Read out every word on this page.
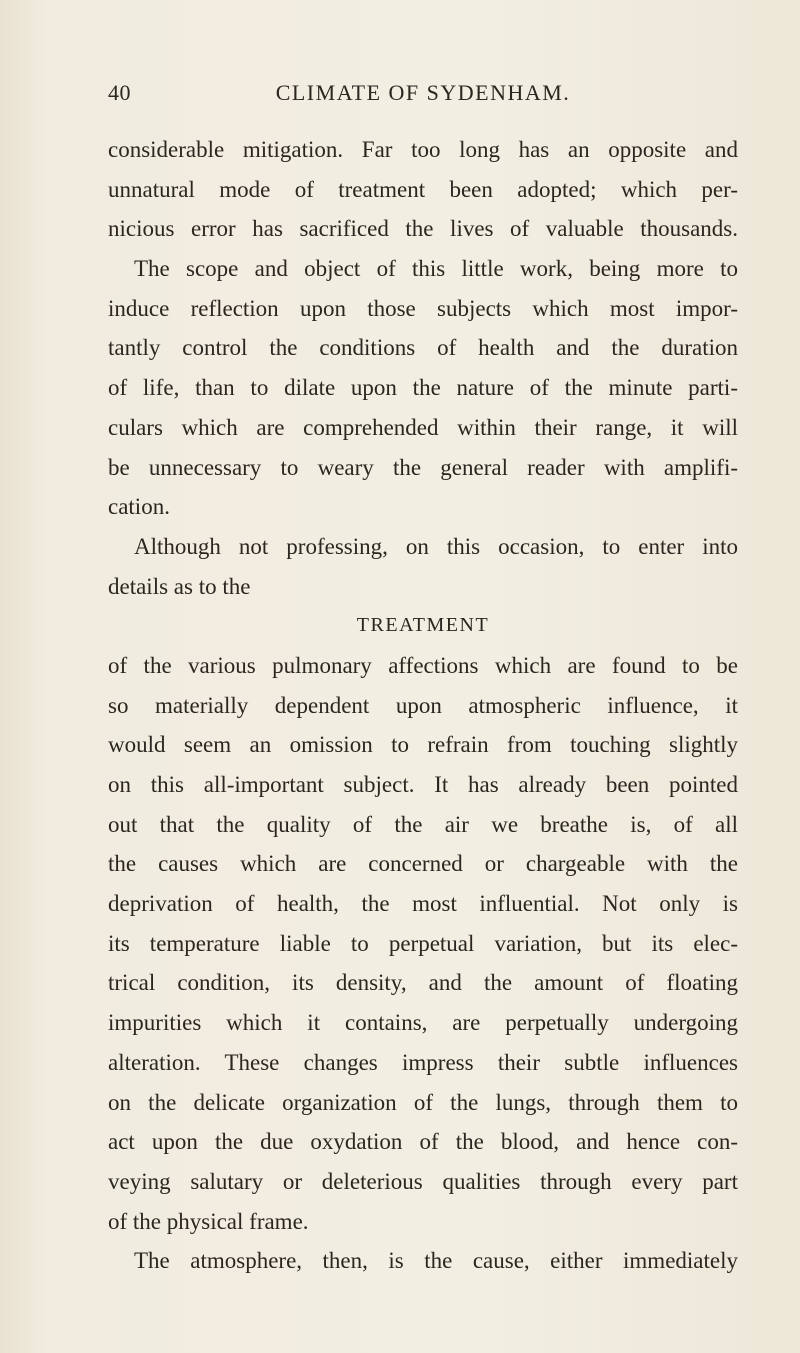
40	CLIMATE OF SYDENHAM.
considerable mitigation. Far too long has an opposite and
unnatural mode of treatment been adopted; which per-
nicious error has sacrificed the lives of valuable thousands.
The scope and object of this little work, being more to
induce reflection upon those subjects which most impor-
tantly control the conditions of health and the duration
of life, than to dilate upon the nature of the minute parti-
culars which are comprehended within their range, it will
be unnecessary to weary the general reader with amplifi-
cation.
Although not professing, on this occasion, to enter into
details as to the
TREATMENT
of the various pulmonary affections which are found to be
so materially dependent upon atmospheric influence, it
would seem an omission to refrain from touching slightly
on this all-important subject. It has already been pointed
out that the quality of the air we breathe is, of all
the causes which are concerned or chargeable with the
deprivation of health, the most influential. Not only is
its temperature liable to perpetual variation, but its elec-
trical condition, its density, and the amount of floating
impurities which it contains, are perpetually undergoing
alteration. These changes impress their subtle influences
on the delicate organization of the lungs, through them to
act upon the due oxydation of the blood, and hence con-
veying salutary or deleterious qualities through every part
of the physical frame.
The atmosphere, then, is the cause, either immediately
